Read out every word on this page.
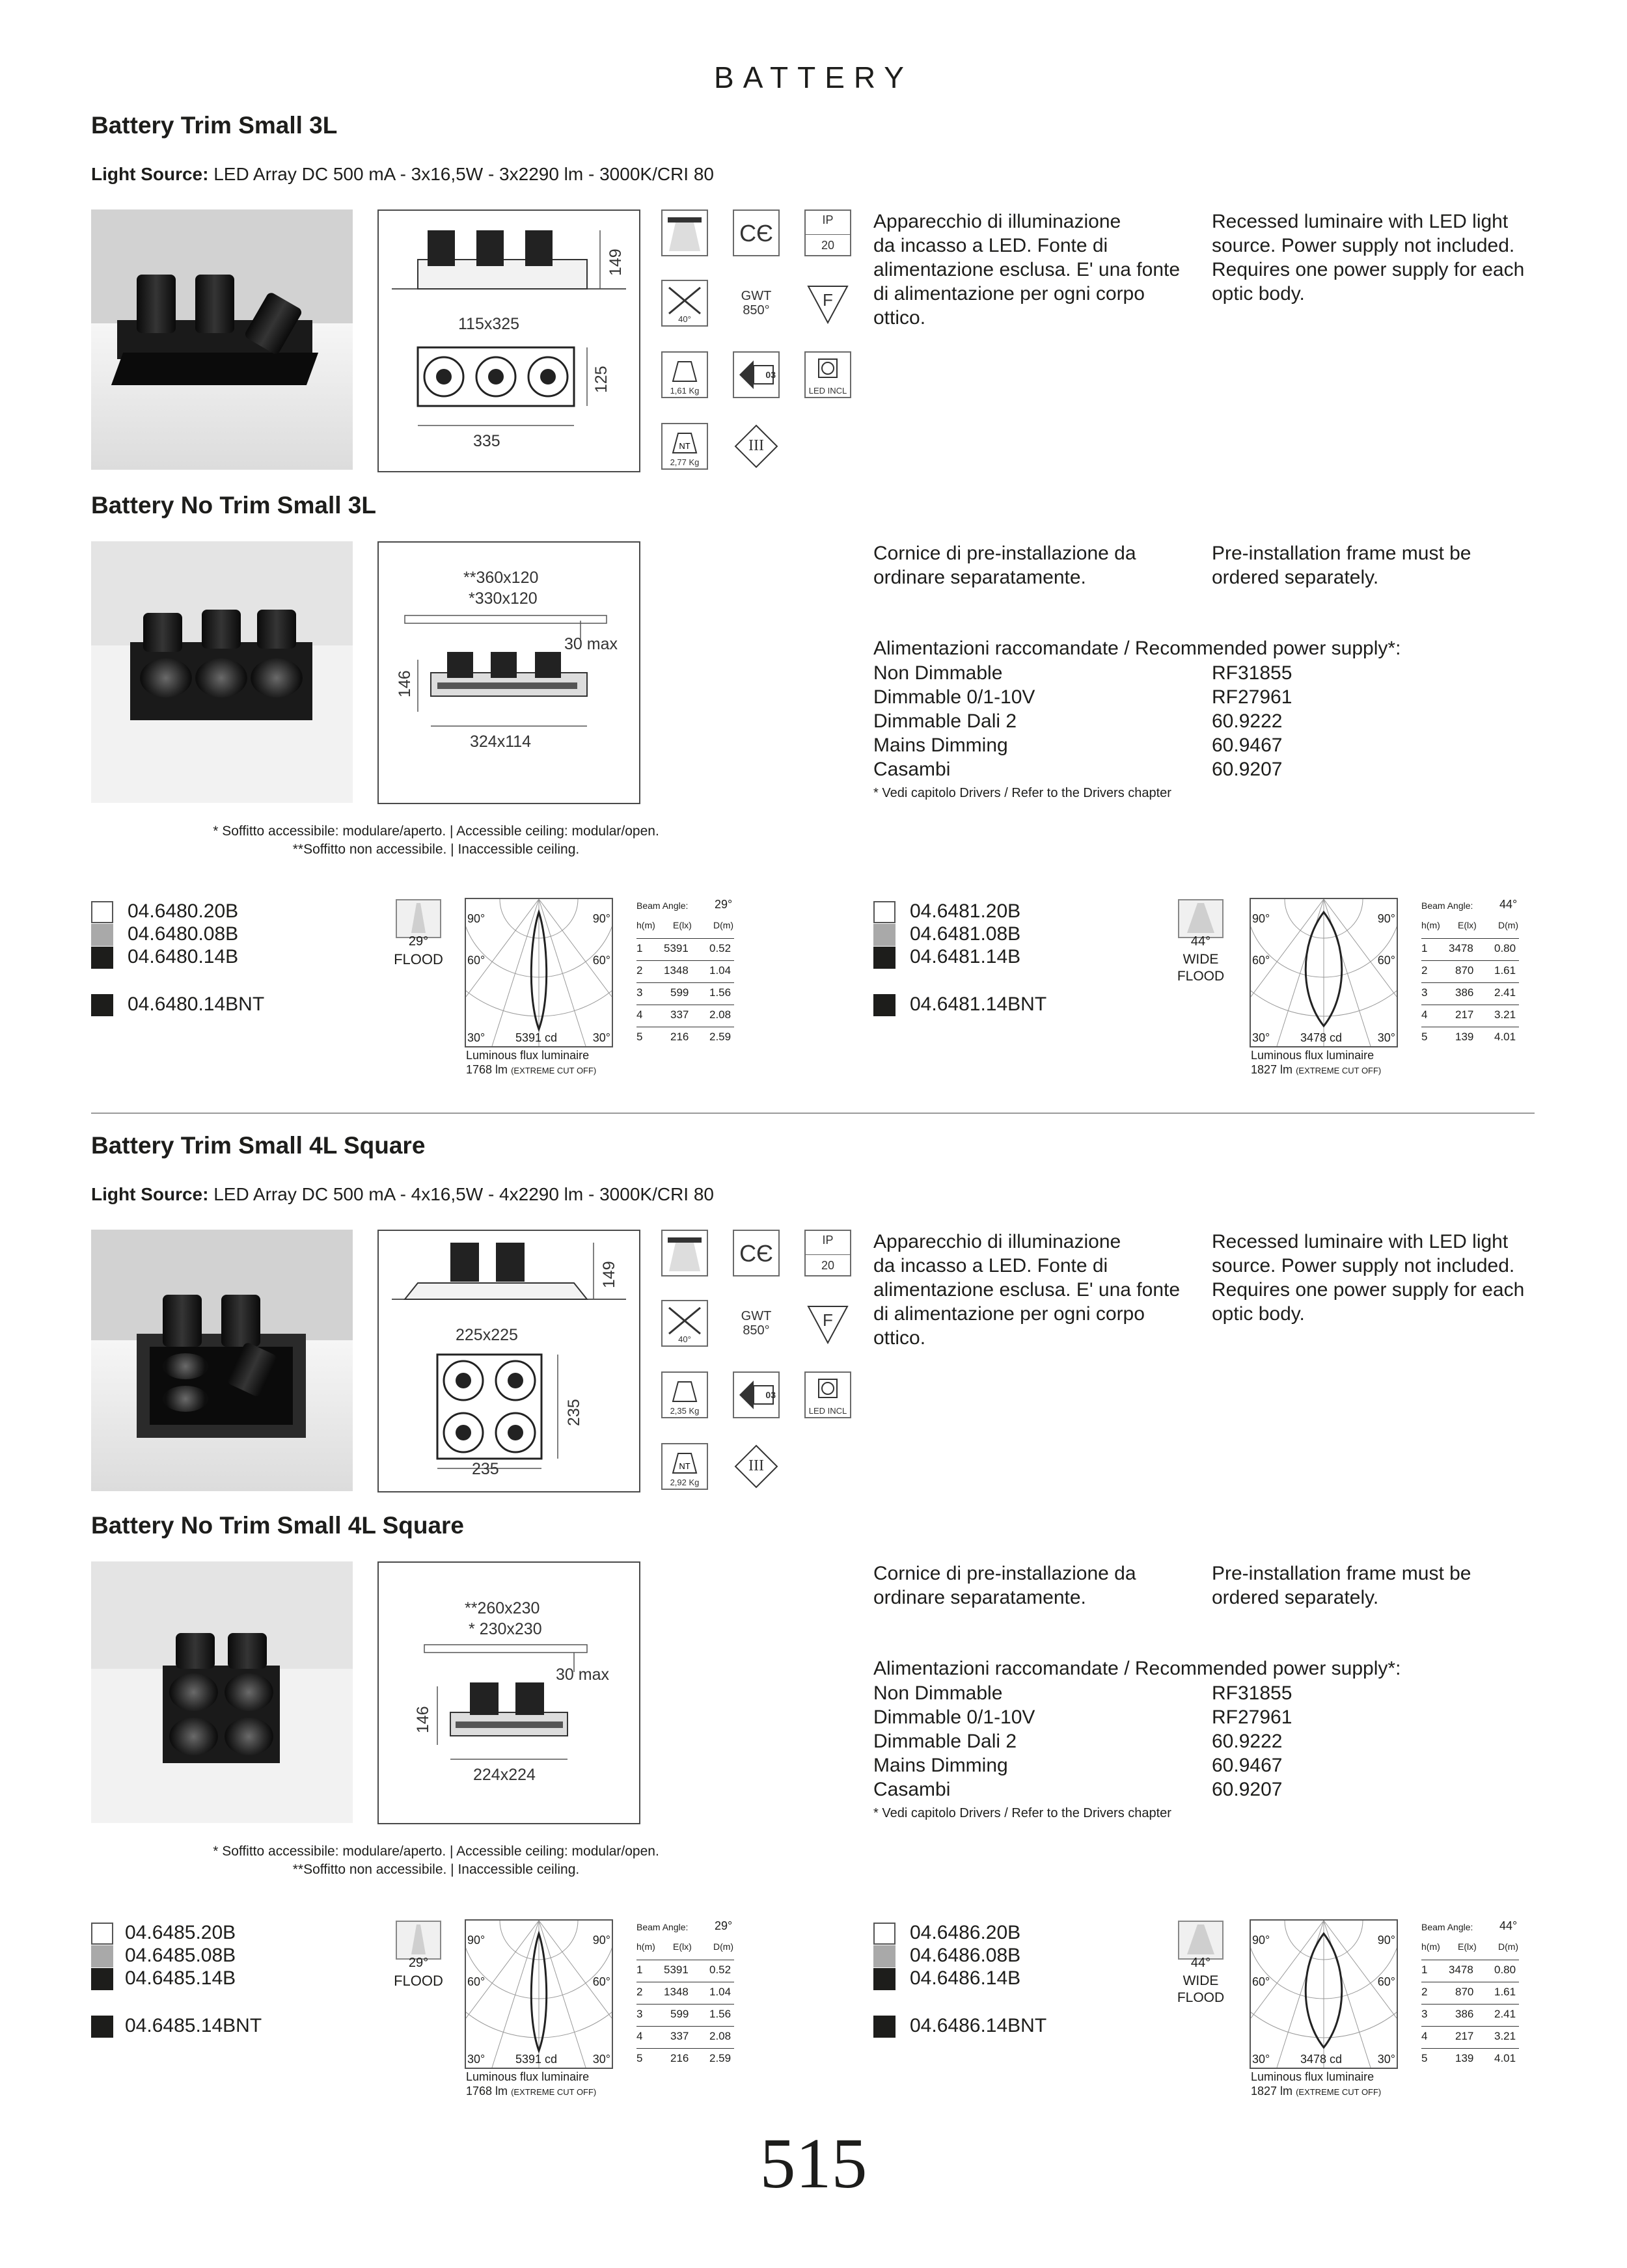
BATTERY
Battery Trim Small 3L
Light Source: LED Array DC 500 mA - 3x16,5W - 3x2290 lm - 3000K/CRI 80
115x325
149
125
335
CЄ	IP
20
40°
GWT
850°
F
1,61 Kg
03
LED INCL
NT
2,77 Kg
III
Apparecchio di illuminazione
da incasso a LED. Fonte di
alimentazione esclusa. E' una fonte
di alimentazione per ogni corpo
ottico.
Recessed luminaire with LED light
source. Power supply not included.
Requires one power supply for each
optic body.
Battery No Trim Small 3L
**360x120
*330x120
30 max
146
324x114
Cornice di pre-installazione da
ordinare separatamente.
Pre-installation frame must be
ordered separately.
Alimentazioni raccomandate / Recommended power supply*:
Non Dimmable	RF31855
Dimmable 0/1-10V	RF27961
Dimmable Dali 2	60.9222
Mains Dimming	60.9467
Casambi	60.9207
* Vedi capitolo Drivers / Refer to the Drivers chapter
* Soffitto accessibile: modulare/aperto. | Accessible ceiling: modular/open.
**Soffitto non accessibile. | Inaccessible ceiling.
04.6480.20B
04.6480.08B
04.6480.14B
04.6480.14BNT
29°
FLOOD
90°	90°
60°	60°
30°	30°
5391 cd
Luminous flux luminaire
1768 lm (EXTREME CUT OFF)
Beam Angle: 29°
h(m) E(lx) D(m)
1 5391 0.52
2 1348 1.04
3	599 1.56
4	337 2.08
5	216 2.59
04.6481.20B
04.6481.08B
04.6481.14B
04.6481.14BNT
44°
WIDE FLOOD
90°	90°
60°	60°
30°	30°
3478 cd
Luminous flux luminaire
1827 lm (EXTREME CUT OFF)
Beam Angle: 44°
h(m) E(lx) D(m)
1 3478 0.80
2	870 1.61
3	386 2.41
4	217 3.21
5	139 4.01
Battery Trim Small 4L Square
Light Source: LED Array DC 500 mA - 4x16,5W - 4x2290 lm - 3000K/CRI 80
225x225
149
235
235
CЄ	IP
20
40°
GWT
850°
F
2,35 Kg
03
LED INCL
NT
2,92 Kg
III
Apparecchio di illuminazione
da incasso a LED. Fonte di
alimentazione esclusa. E' una fonte
di alimentazione per ogni corpo
ottico.
Recessed luminaire with LED light
source. Power supply not included.
Requires one power supply for each
optic body.
Battery No Trim Small 4L Square
**260x230
* 230x230
30 max
146
224x224
Cornice di pre-installazione da
ordinare separatamente.
Pre-installation frame must be
ordered separately.
Alimentazioni raccomandate / Recommended power supply*:
Non Dimmable	RF31855
Dimmable 0/1-10V	RF27961
Dimmable Dali 2	60.9222
Mains Dimming	60.9467
Casambi	60.9207
* Vedi capitolo Drivers / Refer to the Drivers chapter
* Soffitto accessibile: modulare/aperto. | Accessible ceiling: modular/open.
**Soffitto non accessibile. | Inaccessible ceiling.
04.6485.20B
04.6485.08B
04.6485.14B
04.6485.14BNT
29°
FLOOD
90°	90°
60°	60°
30°	30°
5391 cd
Luminous flux luminaire
1768 lm (EXTREME CUT OFF)
Beam Angle: 29°
h(m) E(lx) D(m)
1 5391 0.52
2 1348 1.04
3	599 1.56
4	337 2.08
5	216 2.59
04.6486.20B
04.6486.08B
04.6486.14B
04.6486.14BNT
44°
WIDE FLOOD
90°	90°
60°	60°
30°	30°
3478 cd
Luminous flux luminaire
1827 lm (EXTREME CUT OFF)
Beam Angle: 44°
h(m) E(lx) D(m)
1 3478 0.80
2	870 1.61
3	386 2.41
4	217 3.21
5	139 4.01
515
